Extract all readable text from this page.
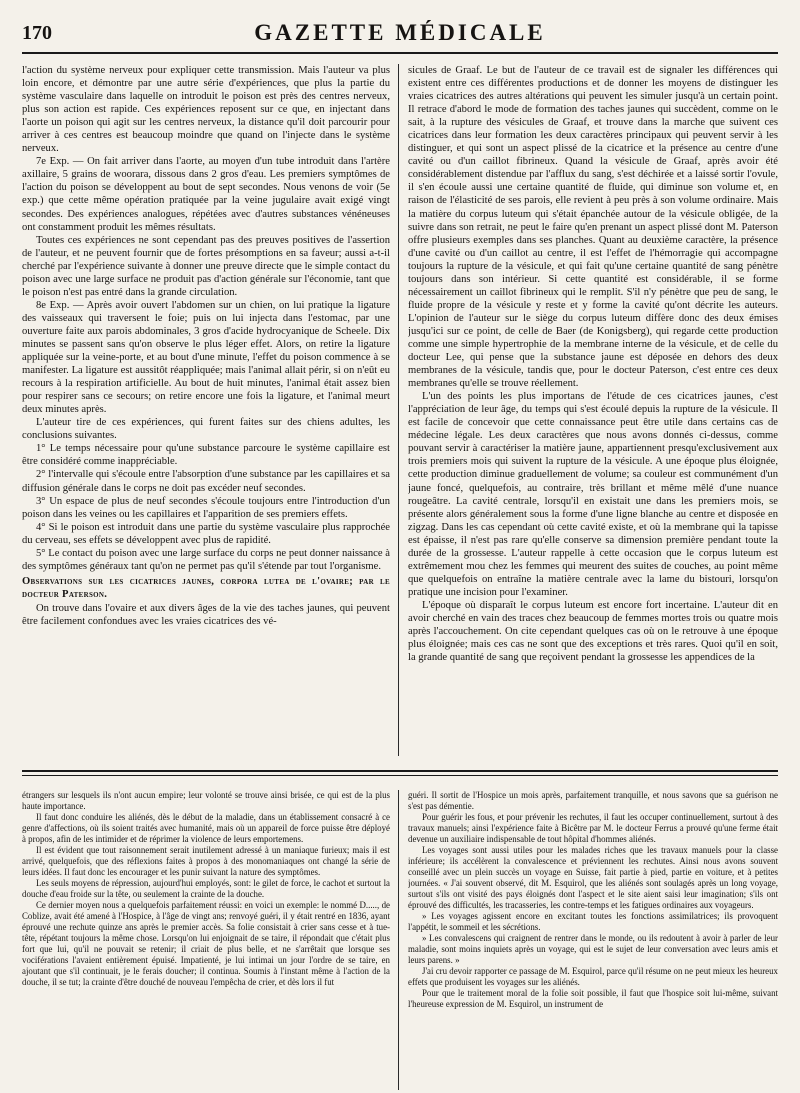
170	GAZETTE MÉDICALE

l'action du système nerveux pour expliquer cette transmission. Mais l'auteur va plus loin encore, et démontre par une autre série d'expériences, que plus la partie du système vasculaire dans laquelle on introduit le poison est près des centres nerveux, plus son action est rapide. Ces expériences reposent sur ce que, en injectant dans l'aorte un poison qui agit sur les centres nerveux, la distance qu'il doit parcourir pour arriver à ces centres est beaucoup moindre que quand on l'injecte dans le système nerveux.

7e Exp. — On fait arriver dans l'aorte, au moyen d'un tube introduit dans l'artère axillaire, 5 grains de woorara, dissous dans 2 gros d'eau. Les premiers symptômes de l'action du poison se développent au bout de sept secondes. Nous venons de voir (5e exp.) que cette même opération pratiquée par la veine jugulaire avait exigé vingt secondes. Des expériences analogues, répétées avec d'autres substances vénéneuses ont constamment produit les mêmes résultats.

Toutes ces expériences ne sont cependant pas des preuves positives de l'assertion de l'auteur, et ne peuvent fournir que de fortes présomptions en sa faveur; aussi a-t-il cherché par l'expérience suivante à donner une preuve directe que le simple contact du poison avec une large surface ne produit pas d'action générale sur l'économie, tant que le poison n'est pas entré dans la grande circulation.

8e Exp. — Après avoir ouvert l'abdomen sur un chien, on lui pratique la ligature des vaisseaux qui traversent le foie; puis on lui injecta dans l'estomac, par une ouverture faite aux parois abdominales, 3 gros d'acide hydrocyanique de Scheele. Dix minutes se passent sans qu'on observe le plus léger effet. Alors, on retire la ligature appliquée sur la veine-porte, et au bout d'une minute, l'effet du poison commence à se manifester. La ligature est aussitôt réappliquée; mais l'animal allait périr, si on n'eût eu recours à la respiration artificielle. Au bout de huit minutes, l'animal était assez bien pour respirer sans ce secours; on retire encore une fois la ligature, et l'animal meurt deux minutes après.

L'auteur tire de ces expériences, qui furent faites sur des chiens adultes, les conclusions suivantes.

1° Le temps nécessaire pour qu'une substance parcoure le système capillaire est être considéré comme inappréciable.

2° l'intervalle qui s'écoule entre l'absorption d'une substance par les capillaires et sa diffusion générale dans le corps ne doit pas excéder neuf secondes.

3° Un espace de plus de neuf secondes s'écoule toujours entre l'introduction d'un poison dans les veines ou les capillaires et l'apparition de ses premiers effets.

4° Si le poison est introduit dans une partie du système vasculaire plus rapprochée du cerveau, ses effets se développent avec plus de rapidité.

5° Le contact du poison avec une large surface du corps ne peut donner naissance à des symptômes généraux tant qu'on ne permet pas qu'il s'étende par tout l'organisme.

Observations sur les cicatrices jaunes, corpora lutea de l'ovaire; par le docteur Paterson.

On trouve dans l'ovaire et aux divers âges de la vie des taches jaunes, qui peuvent être facilement confondues avec les vraies cicatrices des vé-

sicules de Graaf. Le but de l'auteur de ce travail est de signaler les différences qui existent entre ces différentes productions et de donner les moyens de distinguer les vraies cicatrices des autres altérations qui peuvent les simuler jusqu'à un certain point. Il retrace d'abord le mode de formation des taches jaunes qui succèdent, comme on le sait, à la rupture des vésicules de Graaf, et trouve dans la marche que suivent ces cicatrices dans leur formation les deux caractères principaux qui peuvent servir à les distinguer, et qui sont un aspect plissé de la cicatrice et la présence au centre d'une cavité ou d'un caillot fibrineux. Quand la vésicule de Graaf, après avoir été considérablement distendue par l'afflux du sang, s'est déchirée et a laissé sortir l'ovule, il s'en écoule aussi une certaine quantité de fluide, qui diminue son volume et, en raison de l'élasticité de ses parois, elle revient à peu près à son volume ordinaire. Mais la matière du corpus luteum qui s'était épanchée autour de la vésicule obligée, de la suivre dans son retrait, ne peut le faire qu'en prenant un aspect plissé dont M. Paterson offre plusieurs exemples dans ses planches. Quant au deuxième caractère, la présence d'une cavité ou d'un caillot au centre, il est l'effet de l'hémorragie qui accompagne toujours la rupture de la vésicule, et qui fait qu'une certaine quantité de sang pénètre toujours dans son intérieur. Si cette quantité est considérable, il se forme nécessairement un caillot fibrineux qui le remplit. S'il n'y pénètre que peu de sang, le fluide propre de la vésicule y reste et y forme la cavité qu'ont décrite les auteurs. L'opinion de l'auteur sur le siège du corpus luteum diffère donc des deux émises jusqu'ici sur ce point, de celle de Baer (de Konigsberg), qui regarde cette production comme une simple hypertrophie de la membrane interne de la vésicule, et de celle du docteur Lee, qui pense que la substance jaune est déposée en dehors des deux membranes de la vésicule, tandis que, pour le docteur Paterson, c'est entre ces deux membranes qu'elle se trouve réellement.

L'un des points les plus importans de l'étude de ces cicatrices jaunes, c'est l'appréciation de leur âge, du temps qui s'est écoulé depuis la rupture de la vésicule. Il est facile de concevoir que cette connaissance peut être utile dans certains cas de médecine légale. Les deux caractères que nous avons donnés ci-dessus, comme pouvant servir à caractériser la matière jaune, appartiennent presqu'exclusivement aux trois premiers mois qui suivent la rupture de la vésicule. A une époque plus éloignée, cette production diminue graduellement de volume; sa couleur est communément d'un jaune foncé, quelquefois, au contraire, très brillant et même mêlé d'une nuance rougeâtre. La cavité centrale, lorsqu'il en existait une dans les premiers mois, se présente alors généralement sous la forme d'une ligne blanche au centre et disposée en zigzag. Dans les cas cependant où cette cavité existe, et où la membrane qui la tapisse est épaisse, il n'est pas rare qu'elle conserve sa dimension première pendant toute la durée de la grossesse. L'auteur rappelle à cette occasion que le corpus luteum est extrêmement mou chez les femmes qui meurent des suites de couches, au point même que quelquefois on entraîne la matière centrale avec la lame du bistouri, lorsqu'on pratique une incision pour l'examiner.

L'époque où disparaît le corpus luteum est encore fort incertaine. L'auteur dit en avoir cherché en vain des traces chez beaucoup de femmes mortes trois ou quatre mois après l'accouchement. On cite cependant quelques cas où on le retrouve à une époque plus éloignée; mais ces cas ne sont que des exceptions et très rares. Quoi qu'il en soit, la grande quantité de sang que reçoivent pendant la grossesse les appendices de la

étrangers sur lesquels ils n'ont aucun empire; leur volonté se trouve ainsi brisée, ce qui est de la plus haute importance.

Il faut donc conduire les aliénés, dès le début de la maladie, dans un établissement consacré à ce genre d'affections, où ils soient traités avec humanité, mais où un appareil de force puisse être déployé à propos, afin de les intimider et de réprimer la violence de leurs emportemens.

Il est évident que tout raisonnement serait inutilement adressé à un maniaque furieux; mais il est arrivé, quelquefois, que des réflexions faites à propos à des monomaniaques ont changé la série de leurs idées. Il faut donc les encourager et les punir suivant la nature des symptômes.

Les seuls moyens de répression, aujourd'hui employés, sont: le gilet de force, le cachot et surtout la douche d'eau froide sur la tête, ou seulement la crainte de la douche.

Ce dernier moyen nous a quelquefois parfaitement réussi: en voici un exemple: le nommé D....., de Coblize, avait été amené à l'Hospice, à l'âge de vingt ans; renvoyé guéri, il y était rentré en 1836, ayant éprouvé une rechute quinze ans après le premier accès. Sa folie consistait à crier sans cesse et à tue-tête, répétant toujours la même chose. Lorsqu'on lui enjoignait de se taire, il répondait que c'était plus fort que lui, qu'il ne pouvait se retenir; il criait de plus belle, et ne s'arrêtait que lorsque ses vociférations l'avaient entièrement épuisé. Impatienté, je lui intimai un jour l'ordre de se taire, en ajoutant que s'il continuait, je le ferais doucher; il continua. Soumis à l'instant même à l'action de la douche, il se tut; la crainte d'être douché de nouveau l'empêcha de crier, et dès lors il fut

guéri. Il sortit de l'Hospice un mois après, parfaitement tranquille, et nous savons que sa guérison ne s'est pas démentie.

Pour guérir les fous, et pour prévenir les rechutes, il faut les occuper continuellement, surtout à des travaux manuels; ainsi l'expérience faite à Bicêtre par M. le docteur Ferrus a prouvé qu'une ferme était devenue un auxiliaire indispensable de tout hôpital d'hommes aliénés.

Les voyages sont aussi utiles pour les malades riches que les travaux manuels pour la classe inférieure; ils accélèrent la convalescence et préviennent les rechutes. Ainsi nous avons souvent conseillé avec un plein succès un voyage en Suisse, fait partie à pied, partie en voiture, et à petites journées. « J'ai souvent observé, dit M. Esquirol, que les aliénés sont soulagés après un long voyage, surtout s'ils ont visité des pays éloignés dont l'aspect et le site aient saisi leur imagination; s'ils ont éprouvé des difficultés, les tracasseries, les contre-temps et les fatigues ordinaires aux voyageurs.

» Les voyages agissent encore en excitant toutes les fonctions assimilatrices; ils provoquent l'appétit, le sommeil et les sécrétions.

» Les convalescens qui craignent de rentrer dans le monde, ou ils redoutent à avoir à parler de leur maladie, sont moins inquiets après un voyage, qui est le sujet de leur conversation avec leurs amis et leurs parens. »

J'ai cru devoir rapporter ce passage de M. Esquirol, parce qu'il résume on ne peut mieux les heureux effets que produisent les voyages sur les aliénés.

Pour que le traitement moral de la folie soit possible, il faut que l'hospice soit lui-même, suivant l'heureuse expression de M. Esquirol, un instrument de
